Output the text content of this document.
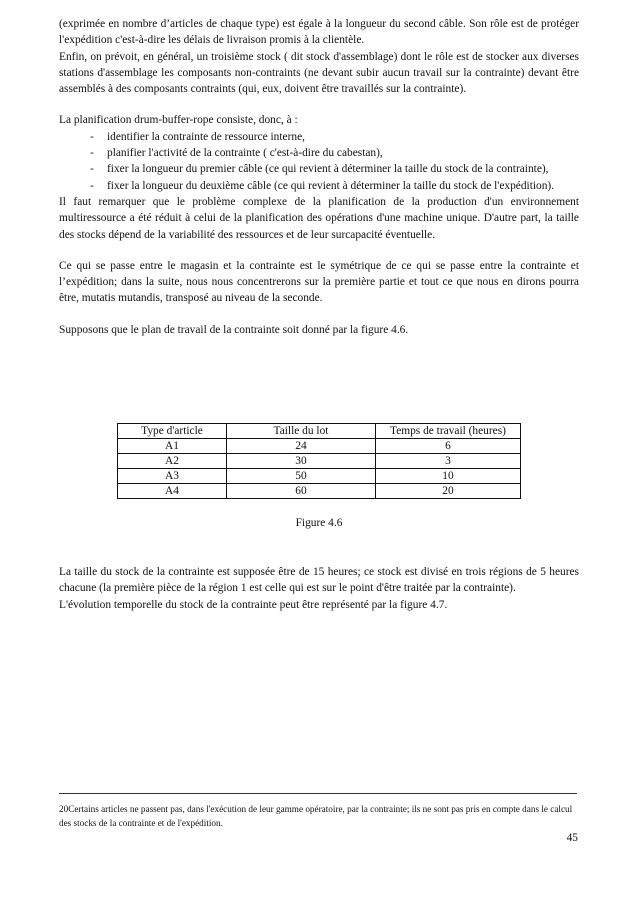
(exprimée en nombre d’articles de chaque type) est égale à la longueur du second câble. Son rôle est de protéger l'expédition c'est-à-dire les délais de livraison promis à la clientèle.

Enfin, on prévoit, en général, un troisième stock ( dit stock d'assemblage) dont le rôle est de stocker aux diverses stations d'assemblage les composants non-contraints (ne devant subir aucun travail sur la contrainte) devant être assemblés à des composants contraints (qui, eux, doivent être travaillés sur la contrainte).

La planification drum-buffer-rope consiste, donc, à :

- identifier la contrainte de ressource interne,
- planifier l'activité de la contrainte ( c'est-à-dire du cabestan),
- fixer la longueur du premier câble (ce qui revient à déterminer la taille du stock de la contrainte),
- fixer la longueur du deuxième câble (ce qui revient à déterminer la taille du stock de l'expédition).

Il faut remarquer que le problème complexe de la planification de la production d'un environnement multiressource a été réduit à celui de la planification des opérations d'une machine unique. D'autre part, la taille des stocks dépend de la variabilité des ressources et de leur surcapacité éventuelle.

Ce qui se passe entre le magasin et la contrainte est le symétrique de ce qui se passe entre la contrainte et l’expédition; dans la suite, nous nous concentrerons sur la première partie et tout ce que nous en dirons pourra être, mutatis mutandis, transposé au niveau de la seconde.

Supposons que le plan de travail de la contrainte soit donné par la figure 4.6.

Type d'article	Taille du lot	Temps de travail (heures)
A1	24	6
A2	30	3
A3	50	10
A4	60	20
Figure 4.6

La taille du stock de la contrainte est supposée être de 15 heures; ce stock est divisé en trois régions de 5 heures chacune (la première pièce de la région 1 est celle qui est sur le point d'être traitée par la contrainte).

L'évolution temporelle du stock de la contrainte peut être représenté par la figure 4.7.

20Certains articles ne passent pas, dans l'exécution de leur gamme opératoire, par la contrainte; ils ne sont pas pris en compte dans le calcul des stocks de la contrainte et de l'expédition.
45
